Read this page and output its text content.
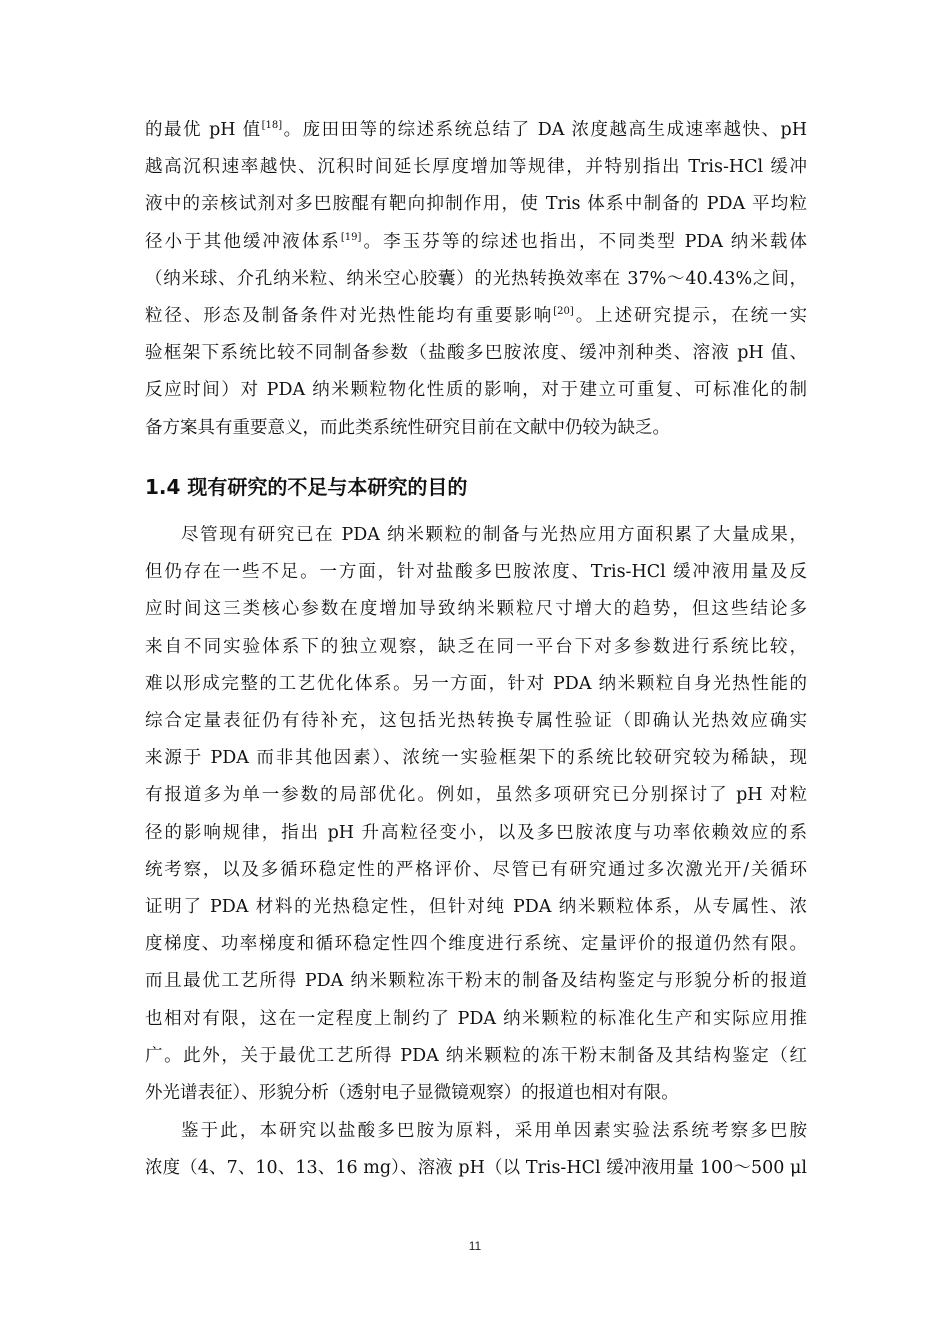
的最优 pH 值[18]。庞田田等的综述系统总结了 DA 浓度越高生成速率越快、pH
越高沉积速率越快、沉积时间延长厚度增加等规律，并特别指出 Tris-HCl 缓冲
液中的亲核试剂对多巴胺醌有靶向抑制作用，使 Tris 体系中制备的 PDA 平均粒
径小于其他缓冲液体系[19]。李玉芬等的综述也指出，不同类型 PDA 纳米载体
（纳米球、介孔纳米粒、纳米空心胶囊）的光热转换效率在 37%～40.43%之间，
粒径、形态及制备条件对光热性能均有重要影响[20]。上述研究提示，在统一实
验框架下系统比较不同制备参数（盐酸多巴胺浓度、缓冲剂种类、溶液 pH 值、
反应时间）对 PDA 纳米颗粒物化性质的影响，对于建立可重复、可标准化的制
备方案具有重要意义，而此类系统性研究目前在文献中仍较为缺乏。
1.4 现有研究的不足与本研究的目的
尽管现有研究已在 PDA 纳米颗粒的制备与光热应用方面积累了大量成果，
但仍存在一些不足。一方面，针对盐酸多巴胺浓度、Tris-HCl 缓冲液用量及反
应时间这三类核心参数在度增加导致纳米颗粒尺寸增大的趋势，但这些结论多
来自不同实验体系下的独立观察，缺乏在同一平台下对多参数进行系统比较，
难以形成完整的工艺优化体系。另一方面，针对 PDA 纳米颗粒自身光热性能的
综合定量表征仍有待补充，这包括光热转换专属性验证（即确认光热效应确实
来源于 PDA 而非其他因素）、浓统一实验框架下的系统比较研究较为稀缺，现
有报道多为单一参数的局部优化。例如，虽然多项研究已分别探讨了 pH 对粒
径的影响规律，指出 pH 升高粒径变小，以及多巴胺浓度与功率依赖效应的系
统考察，以及多循环稳定性的严格评价、尽管已有研究通过多次激光开/关循环
证明了 PDA 材料的光热稳定性，但针对纯 PDA 纳米颗粒体系，从专属性、浓
度梯度、功率梯度和循环稳定性四个维度进行系统、定量评价的报道仍然有限。
而且最优工艺所得 PDA 纳米颗粒冻干粉末的制备及结构鉴定与形貌分析的报道
也相对有限，这在一定程度上制约了 PDA 纳米颗粒的标准化生产和实际应用推
广。此外，关于最优工艺所得 PDA 纳米颗粒的冻干粉末制备及其结构鉴定（红
外光谱表征）、形貌分析（透射电子显微镜观察）的报道也相对有限。
鉴于此，本研究以盐酸多巴胺为原料，采用单因素实验法系统考察多巴胺
浓度（4、7、10、13、16 mg）、溶液 pH（以 Tris-HCl 缓冲液用量 100～500 μl
11
